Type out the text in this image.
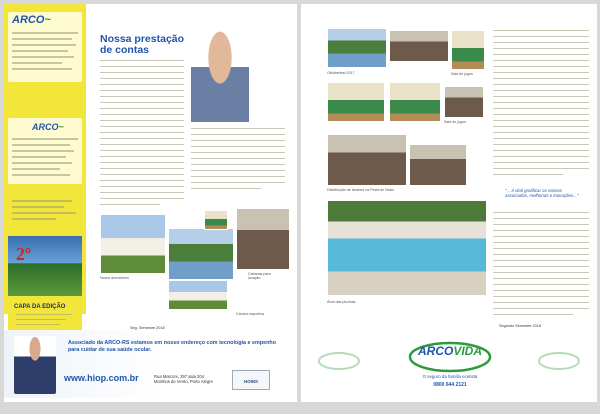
ARCO~
ARCO~
2º
CAPA DA EDIÇÃO
Nossa prestação
de contas
Novos dormitórios
Cabanas para locação
Cancha esportiva
Seg. Semestre 2018
Oktoberfest 2017	Sala de jogos
Sala de jogos
Distribuição de lanches na Festa de Natal
Área das piscinas
"... é vital gratificar os nossos associados, melhorias e inovações..."
Segundo Semestre 2018
Associado da ARCO-RS estamos em nosso endereço com tecnologia e empenho para cuidar de sua saúde ocular.
www.hiop.com.br	Rua Marconi, 297 sala 204
Moinhos de Vento, Porto Alegre	HOINS
ARCOVIDA
O seguro da família ecetista
0800 644 2121
